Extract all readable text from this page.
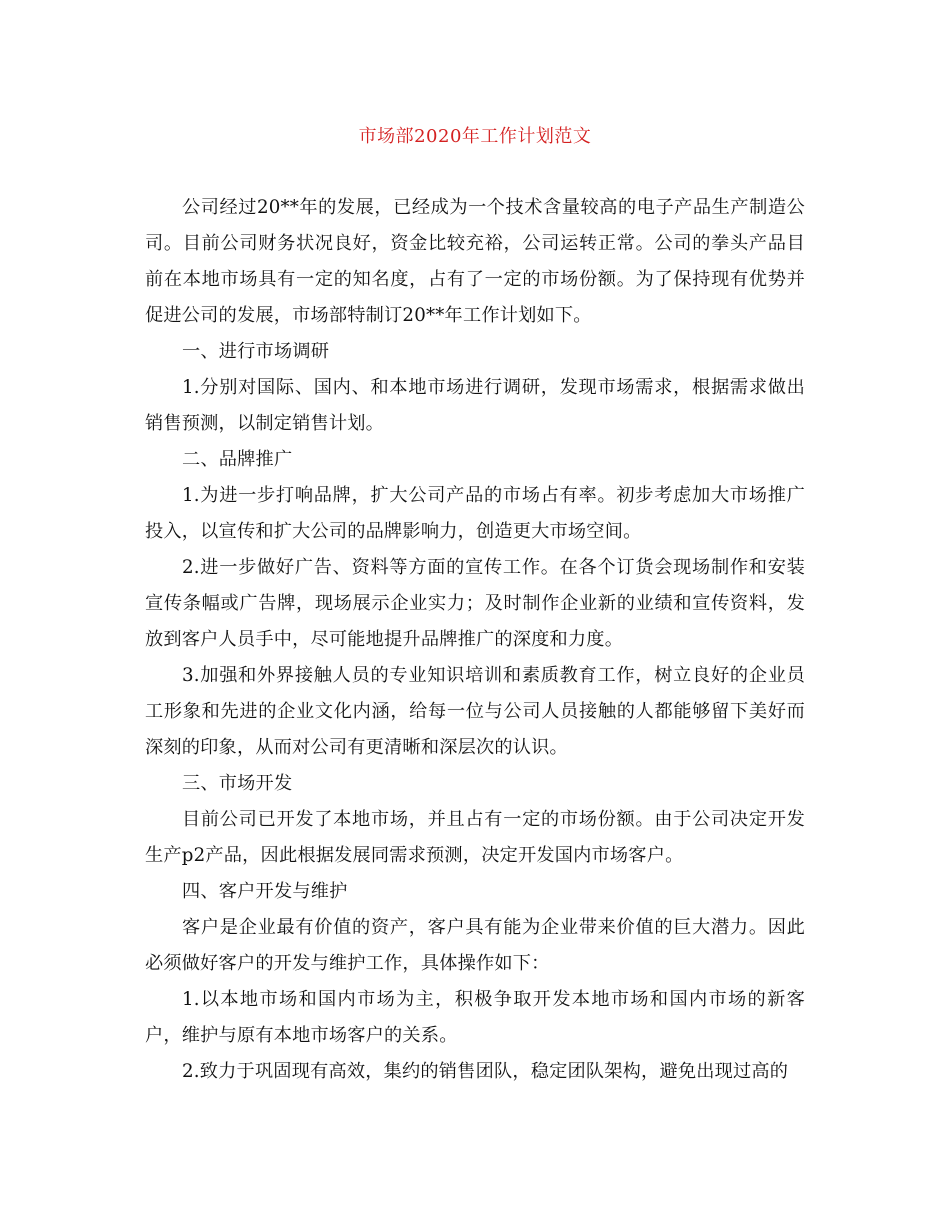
市场部2020年工作计划范文

公司经过20**年的发展，已经成为一个技术含量较高的电子产品生产制造公司。目前公司财务状况良好，资金比较充裕，公司运转正常。公司的拳头产品目前在本地市场具有一定的知名度，占有了一定的市场份额。为了保持现有优势并促进公司的发展，市场部特制订20**年工作计划如下。

一、进行市场调研

1.分别对国际、国内、和本地市场进行调研，发现市场需求，根据需求做出销售预测，以制定销售计划。

二、品牌推广

1.为进一步打响品牌，扩大公司产品的市场占有率。初步考虑加大市场推广投入，以宣传和扩大公司的品牌影响力，创造更大市场空间。

2.进一步做好广告、资料等方面的宣传工作。在各个订货会现场制作和安装宣传条幅或广告牌，现场展示企业实力；及时制作企业新的业绩和宣传资料，发放到客户人员手中，尽可能地提升品牌推广的深度和力度。

3.加强和外界接触人员的专业知识培训和素质教育工作，树立良好的企业员工形象和先进的企业文化内涵，给每一位与公司人员接触的人都能够留下美好而深刻的印象，从而对公司有更清晰和深层次的认识。

三、市场开发

目前公司已开发了本地市场，并且占有一定的市场份额。由于公司决定开发生产p2产品，因此根据发展同需求预测，决定开发国内市场客户。

四、客户开发与维护

客户是企业最有价值的资产，客户具有能为企业带来价值的巨大潜力。因此必须做好客户的开发与维护工作，具体操作如下：

1.以本地市场和国内市场为主，积极争取开发本地市场和国内市场的新客户，维护与原有本地市场客户的关系。

2.致力于巩固现有高效，集约的销售团队，稳定团队架构，避免出现过高的
